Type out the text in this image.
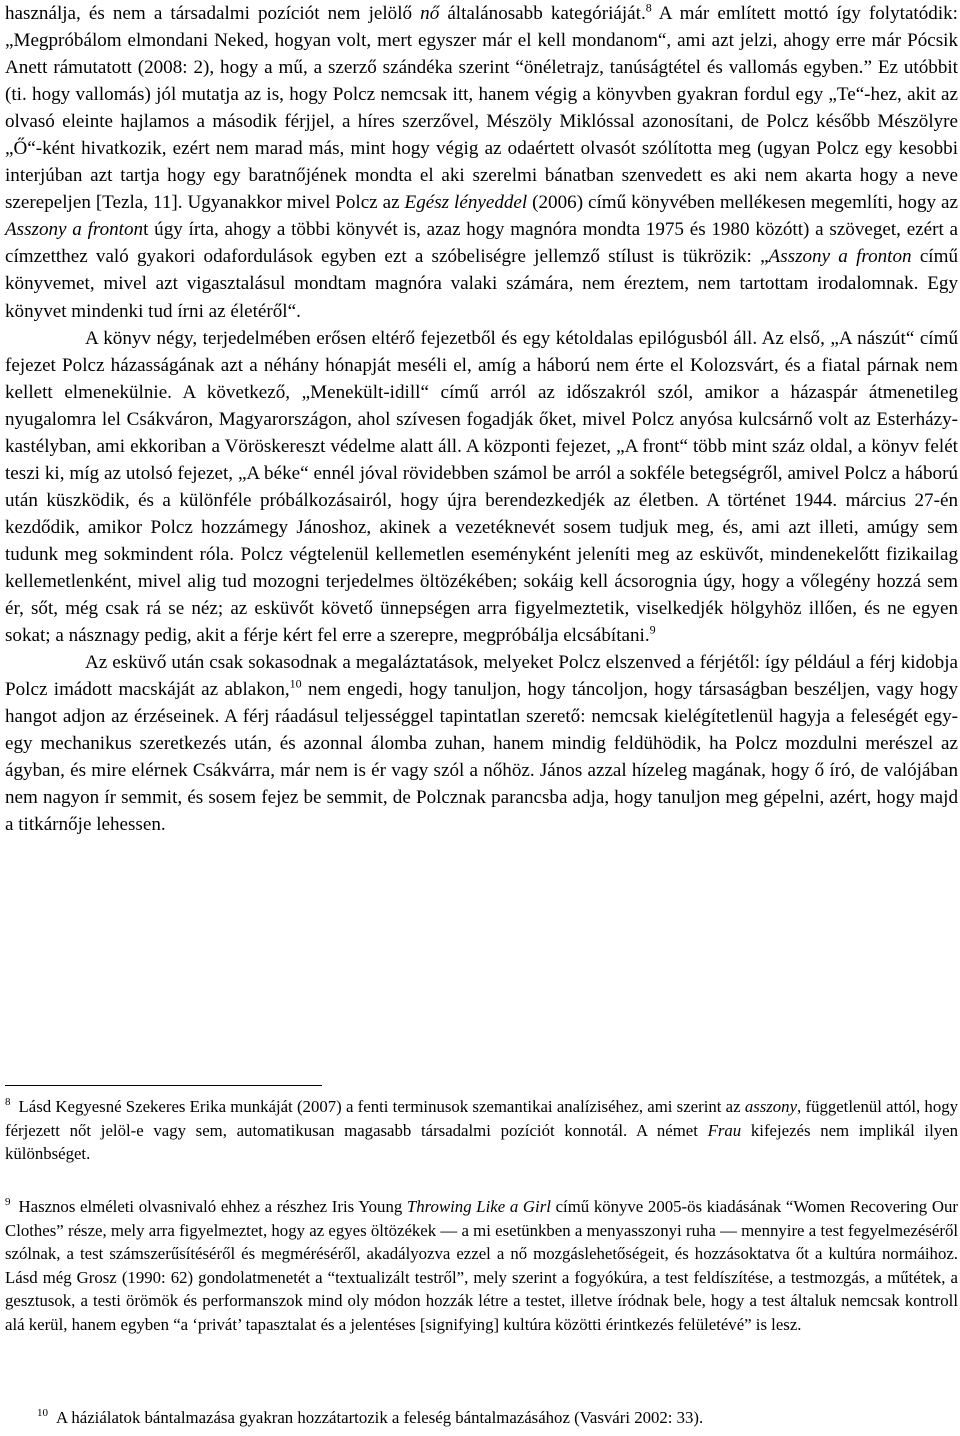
használja, és nem a társadalmi pozíciót nem jelölő nő általánosabb kategóriáját.$^8$ A már említett mottó így folytatódik: „Megpróbálom elmondani Neked, hogyan volt, mert egyszer már el kell mondanom“, ami azt jelzi, ahogy erre már Pócsik Anett rámutatott (2008: 2), hogy a mű, a szerző szándéka szerint “önéletrajz, tanúságtétel és vallomás egyben.” Ez utóbbit (ti. hogy vallomás) jól mutatja az is, hogy Polcz nemcsak itt, hanem végig a könyvben gyakran fordul egy „Te“-hez, akit az olvasó eleinte hajlamos a második férjjel, a híres szerzővel, Mészöly Miklóssal azonosítani, de Polcz később Mészölyre „Ő“-ként hivatkozik, ezért nem marad más, mint hogy végig az odaértett olvasót szólította meg (ugyan Polcz egy kesobbi interjúban azt tartja hogy egy baratnőjének mondta el aki szerelmi bánatban szenvedett es aki nem akarta hogy a neve szerepeljen [Tezla, 11]. Ugyanakkor mivel Polcz az Egész lényeddel (2006) című könyvében mellékesen megemlíti, hogy az Asszony a frontont úgy írta, ahogy a többi könyvét is, azaz hogy magnóra mondta 1975 és 1980 közótt) a szöveget, ezért a címzetthez való gyakori odafordulások egyben ezt a szóbeliségre jellemző stílust is tükrözik: „Asszony a fronton című könyvemet, mivel azt vigasztalásul mondtam magnóra valaki számára, nem éreztem, nem tartottam irodalomnak. Egy könyvet mindenki tud írni az életéről“.

A könyv négy, terjedelmében erősen eltérő fejezetből és egy kétoldalas epilógusból áll. Az első, „A nászút“ című fejezet Polcz házasságának azt a néhány hónapját meséli el, amíg a háború nem érte el Kolozsvárt, és a fiatal párnak nem kellett elmenekülnie. A következő, „Menekült-idill“ című arról az időszakról szól, amikor a házaspár átmenetileg nyugalomra lel Csákváron, Magyarországon, ahol szívesen fogadják őket, mivel Polcz anyósa kulcsárnő volt az Esterházy-kastélyban, ami ekkoriban a Vöröskereszt védelme alatt áll. A központi fejezet, „A front“ több mint száz oldal, a könyv felét teszi ki, míg az utolsó fejezet, „A béke“ ennél jóval rövidebben számol be arról a sokféle betegségről, amivel Polcz a háború után küszködik, és a különféle próbálkozásairól, hogy újra berendezkedjék az életben. A történet 1944. március 27-én kezdődik, amikor Polcz hozzámegy Jánoshoz, akinek a vezetéknevét sosem tudjuk meg, és, ami azt illeti, amúgy sem tudunk meg sokmindent róla. Polcz végtelenül kellemetlen eseményként jeleníti meg az esküvőt, mindenekelőtt fizikailag kellemetlenként, mivel alig tud mozogni terjedelmes öltözékében; sokáig kell ácsorognia úgy, hogy a vőlegény hozzá sem ér, sőt, még csak rá se néz; az esküvőt követő ünnepségen arra figyelmeztetik, viselkedjék hölgyhöz illően, és ne egyen sokat; a násznagy pedig, akit a férje kért fel erre a szerepre, megpróbálja elcsábítani.$^9$

Az esküvő után csak sokasodnak a megaláztatások, melyeket Polcz elszenved a férjétől: így például a férj kidobja Polcz imádott macskáját az ablakon,$^{10}$ nem engedi, hogy tanuljon, hogy táncoljon, hogy társaságban beszéljen, vagy hogy hangot adjon az érzéseinek. A férj ráadásul teljességgel tapintatlan szerető: nemcsak kielégítetlenül hagyja a feleségét egy-egy mechanikus szeretkezés után, és azonnal álomba zuhan, hanem mindig feldühödik, ha Polcz mozdulni merészel az ágyban, és mire elérnek Csákvárra, már nem is ér vagy szól a nőhöz. János azzal hízeleg magának, hogy ő író, de valójában nem nagyon ír semmit, és sosem fejez be semmit, de Polcznak parancsba adja, hogy tanuljon meg gépelni, azért, hogy majd a titkárnője lehessen.

$^8$ Lásd Kegyesné Szekeres Erika munkáját (2007) a fenti terminusok szemantikai analíziséhez, ami szerint az asszony, függetlenül attól, hogy férjezett nőt jelöl-e vagy sem, automatikusan magasabb társadalmi pozíciót konnotál. A német Frau kifejezés nem implikál ilyen különbséget.

$^9$ Hasznos elméleti olvasnivaló ehhez a részhez Iris Young Throwing Like a Girl című könyve 2005-ös kiadásának “Women Recovering Our Clothes” része, mely arra figyelmeztet, hogy az egyes öltözékek — a mi esetünkben a menyasszonyi ruha — mennyire a test fegyelmezéséről szólnak, a test számszerűsítéséről és megméréséről, akadályozva ezzel a nő mozgáslehetőségeit, és hozzásoktatva őt a kultúra normáihoz. Lásd még Grosz (1990: 62) gondolatmenetét a “textualizált testről”, mely szerint a fogyókúra, a test feldíszítése, a testmozgás, a műtétek, a gesztusok, a testi örömök és performanszok mind oly módon hozzák létre a testet, illetve íródnak bele, hogy a test általuk nemcsak kontroll alá kerül, hanem egyben “a ‘privát’ tapasztalat és a jelentéses [signifying] kultúra közötti érintkezés felületévé” is lesz.

$^{10}$ A háziálatok bántalmazása gyakran hozzátartozik a feleség bántalmazásához (Vasvári 2002: 33).
